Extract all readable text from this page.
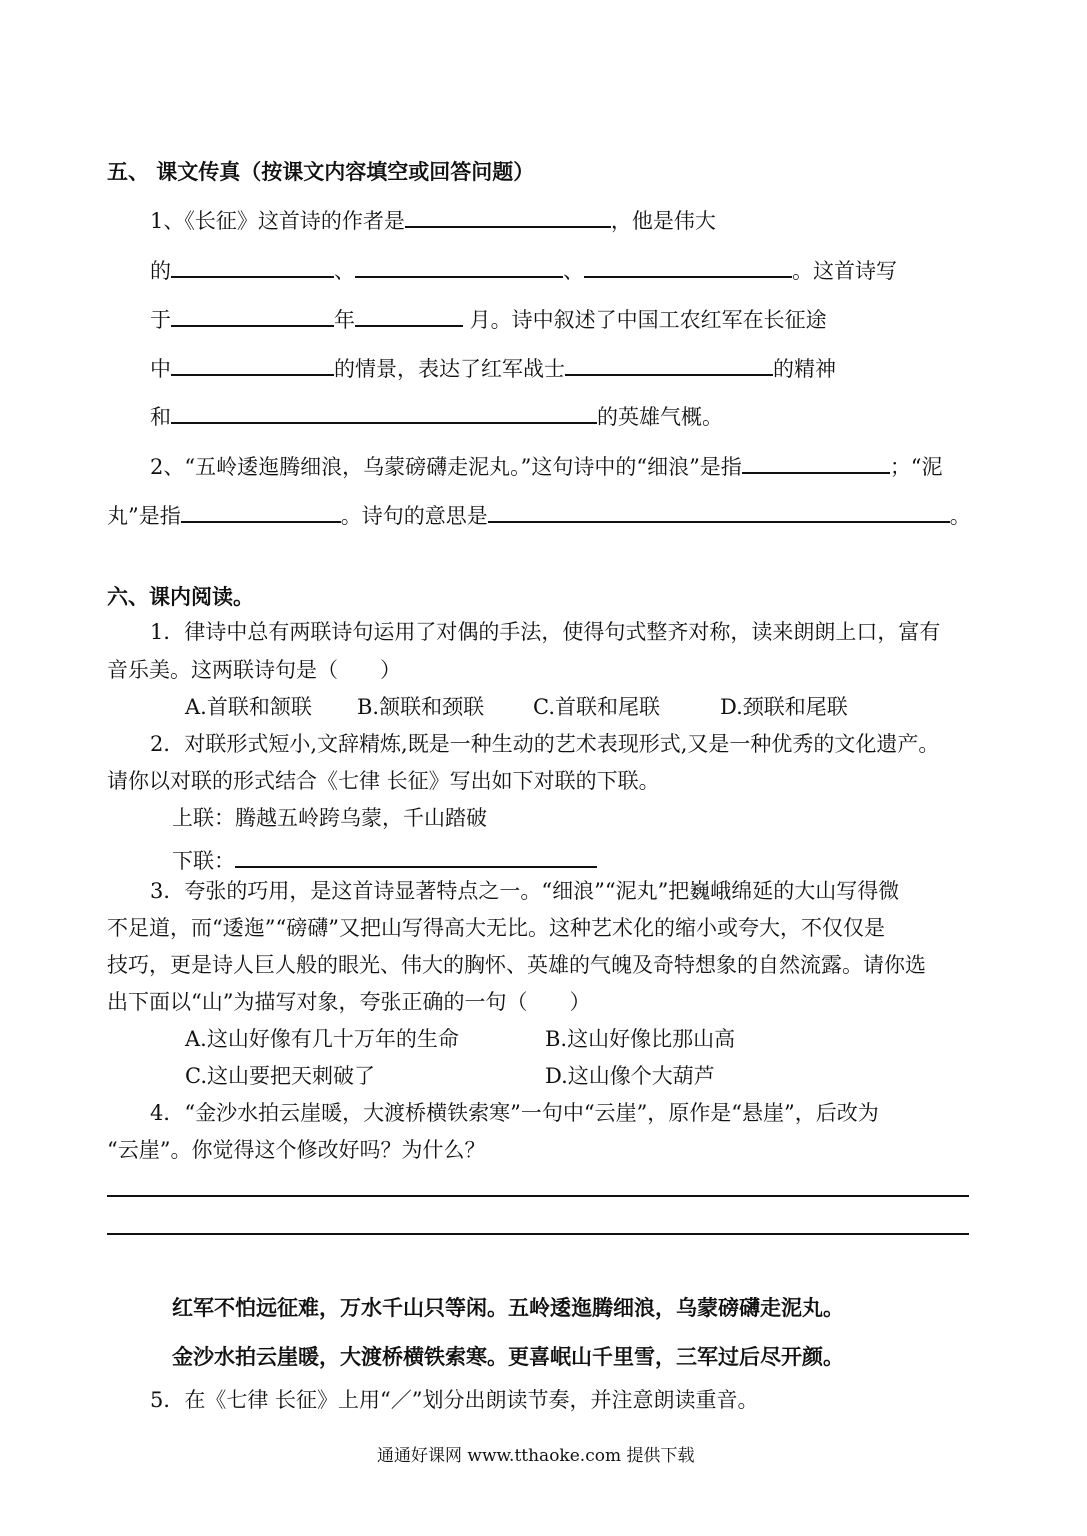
五、 课文传真（按课文内容填空或回答问题）
1、《长征》这首诗的作者是	，他是伟大
的	、	、	。这首诗写
于	年	月。诗中叙述了中国工农红军在长征途
中	的情景，表达了红军战士	的精神
和	的英雄气概。
2、“五岭逶迤腾细浪，乌蒙磅礴走泥丸。”这句诗中的“细浪”是指	；“泥
丸”是指	。诗句的意思是	。
六、课内阅读。
1．律诗中总有两联诗句运用了对偶的手法，使得句式整齐对称，读来朗朗上口，富有
音乐美。这两联诗句是（　　）
A.首联和颔联 B.颔联和颈联 C.首联和尾联	D.颈联和尾联
2．对联形式短小,文辞精炼,既是一种生动的艺术表现形式,又是一种优秀的文化遗产。
请你以对联的形式结合《七律 长征》写出如下对联的下联。
上联：腾越五岭跨乌蒙，千山踏破
下联：
3．夸张的巧用，是这首诗显著特点之一。“细浪”“泥丸”把巍峨绵延的大山写得微
不足道，而“逶迤”“磅礴”又把山写得高大无比。这种艺术化的缩小或夸大，不仅仅是
技巧，更是诗人巨人般的眼光、伟大的胸怀、英雄的气魄及奇特想象的自然流露。请你选
出下面以“山”为描写对象，夸张正确的一句（　　）
A.这山好像有几十万年的生命	B.这山好像比那山高
C.这山要把天刺破了	D.这山像个大葫芦
4．“金沙水拍云崖暖，大渡桥横铁索寒”一句中“云崖”，原作是“悬崖”，后改为
“云崖”。你觉得这个修改好吗？为什么？
红军不怕远征难，万水千山只等闲。五岭逶迤腾细浪，乌蒙磅礴走泥丸。
金沙水拍云崖暖，大渡桥横铁索寒。更喜岷山千里雪，三军过后尽开颜。
5．在《七律 长征》上用“／”划分出朗读节奏，并注意朗读重音。
通通好课网 www.tthaoke.com 提供下载
